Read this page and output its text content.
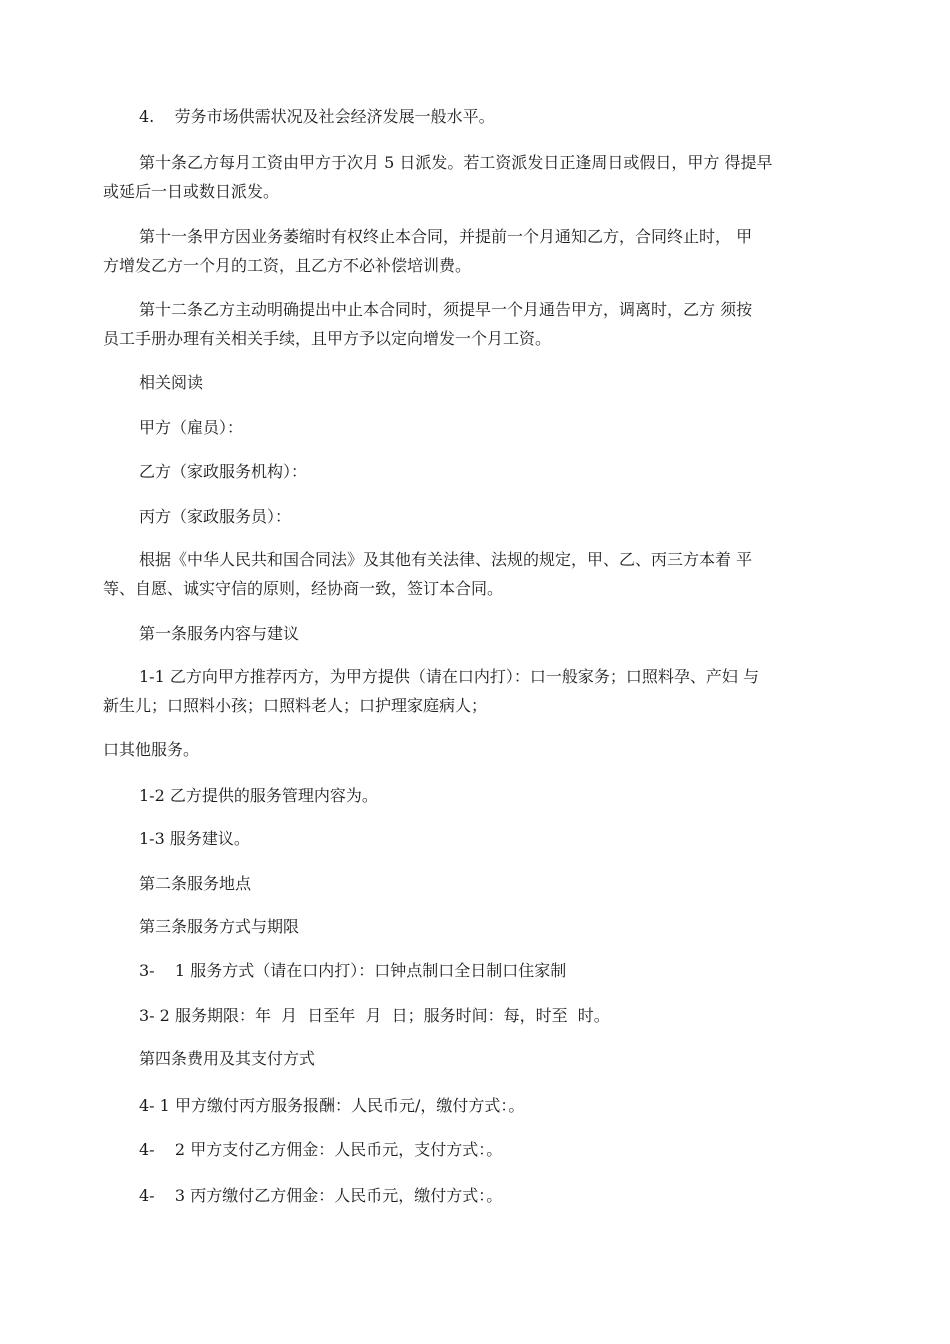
4.    劳务市场供需状况及社会经济发展一般水平。

第十条乙方每月工资由甲方于次月 5 日派发。若工资派发日正逢周日或假日，甲方 得提早
或延后一日或数日派发。

第十一条甲方因业务萎缩时有权终止本合同，并提前一个月通知乙方，合同终止时， 甲
方增发乙方一个月的工资，且乙方不必补偿培训费。

第十二条乙方主动明确提出中止本合同时，须提早一个月通告甲方，调离时，乙方 须按
员工手册办理有关相关手续，且甲方予以定向增发一个月工资。

相关阅读

甲方（雇员）：

乙方（家政服务机构）：

丙方（家政服务员）：

根据《中华人民共和国合同法》及其他有关法律、法规的规定，甲、乙、丙三方本着 平
等、自愿、诚实守信的原则，经协商一致，签订本合同。

第一条服务内容与建议

1-1 乙方向甲方推荐丙方，为甲方提供（请在口内打）：口一般家务；口照料孕、产妇 与
新生儿；口照料小孩；口照料老人；口护理家庭病人；

口其他服务。

1-2 乙方提供的服务管理内容为。

1-3 服务建议。

第二条服务地点

第三条服务方式与期限

3-    1 服务方式（请在口内打）：口钟点制口全日制口住家制

3- 2 服务期限：年  月  日至年  月  日；服务时间：每，时至  时。

第四条费用及其支付方式

4- 1 甲方缴付丙方服务报酬：人民币元/，缴付方式：。

4-    2 甲方支付乙方佣金：人民币元，支付方式：。

4-    3 丙方缴付乙方佣金：人民币元，缴付方式：。
